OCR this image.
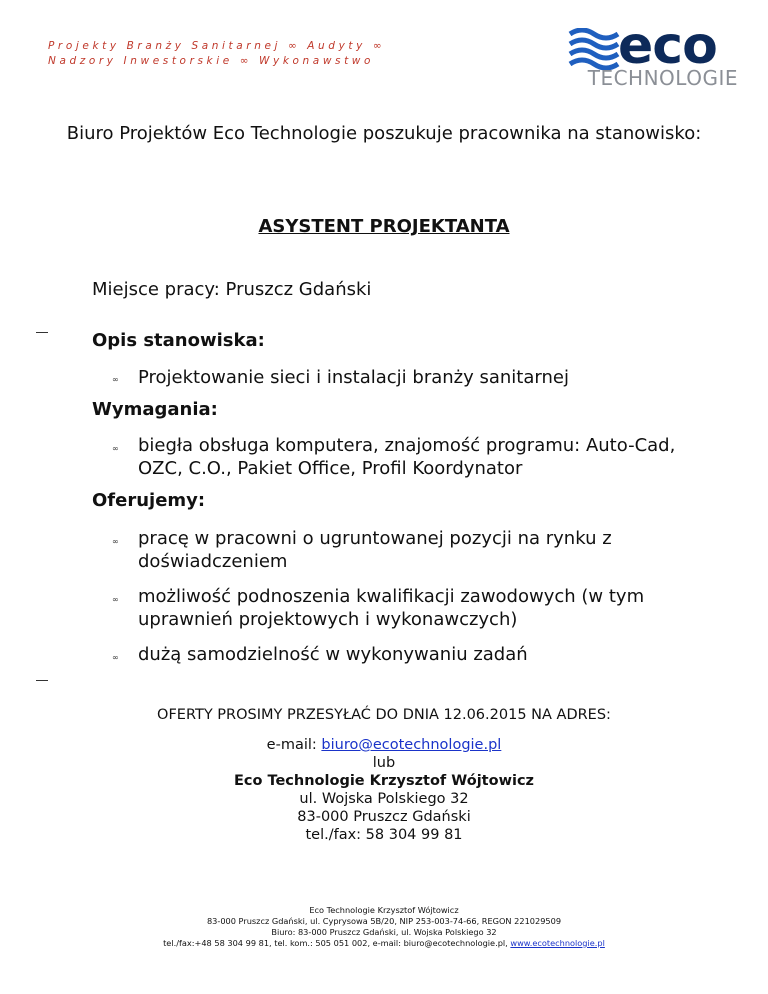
Projekty Branży Sanitarnej ∞ Audyty ∞
Nadzory Inwestorskie ∞ Wykonawstwo	eco
TECHNOLOGIE
Biuro Projektów Eco Technologie poszukuje pracownika na stanowisko:
ASYSTENT PROJEKTANTA
Miejsce pracy: Pruszcz Gdański
Opis stanowiska:
∞ Projektowanie sieci i instalacji branży sanitarnej
Wymagania:
∞ biegła obsługa komputera, znajomość programu: Auto-Cad, OZC, C.O., Pakiet Office, Profil Koordynator
Oferujemy:
∞ pracę w pracowni o ugruntowanej pozycji na rynku z doświadczeniem
∞ możliwość podnoszenia kwalifikacji zawodowych (w tym uprawnień projektowych i wykonawczych)
∞ dużą samodzielność w wykonywaniu zadań
OFERTY PROSIMY PRZESYŁAĆ DO DNIA 12.06.2015 NA ADRES:
e-mail: biuro@ecotechnologie.pl
lub
Eco Technologie Krzysztof Wójtowicz
ul. Wojska Polskiego 32
83-000 Pruszcz Gdański
tel./fax: 58 304 99 81
Eco Technologie Krzysztof Wójtowicz
83-000 Pruszcz Gdański, ul. Cyprysowa 5B/20, NIP 253-003-74-66, REGON 221029509
Biuro: 83-000 Pruszcz Gdański, ul. Wojska Polskiego 32
tel./fax:+48 58 304 99 81, tel. kom.: 505 051 002, e-mail: biuro@ecotechnologie.pl, www.ecotechnologie.pl
